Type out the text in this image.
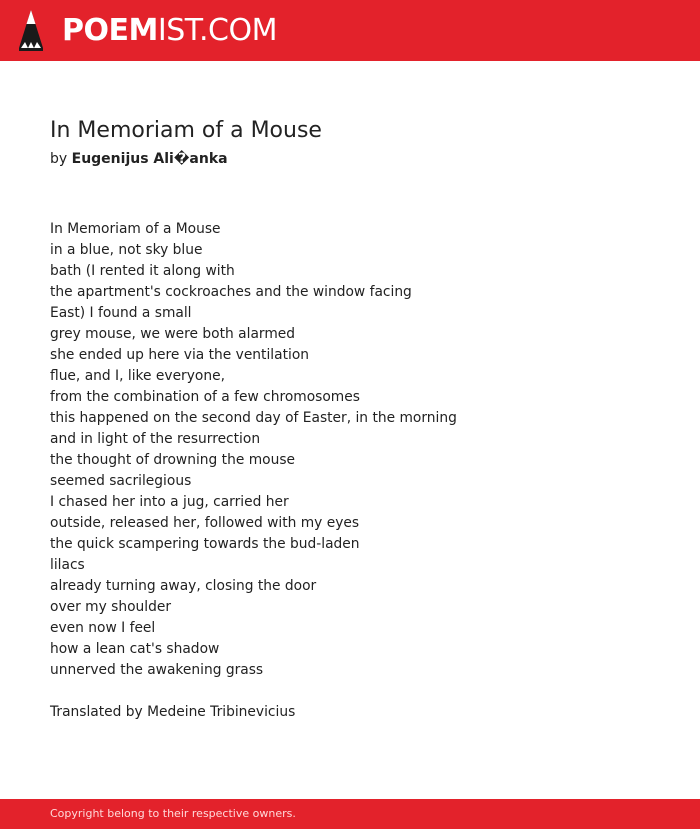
POEMIST.COM
In Memoriam of a Mouse
by Eugenijus Ali�anka
In Memoriam of a Mouse
in a blue, not sky blue
bath (I rented it along with
the apartment's cockroaches and the window facing
East) I found a small
grey mouse, we were both alarmed
she ended up here via the ventilation
flue, and I, like everyone,
from the combination of a few chromosomes
this happened on the second day of Easter, in the morning
and in light of the resurrection
the thought of drowning the mouse
seemed sacrilegious
I chased her into a jug, carried her
outside, released her, followed with my eyes
the quick scampering towards the bud-laden
lilacs
already turning away, closing the door
over my shoulder
even now I feel
how a lean cat's shadow
unnerved the awakening grass
Translated by Medeine Tribinevicius
Copyright belong to their respective owners.
